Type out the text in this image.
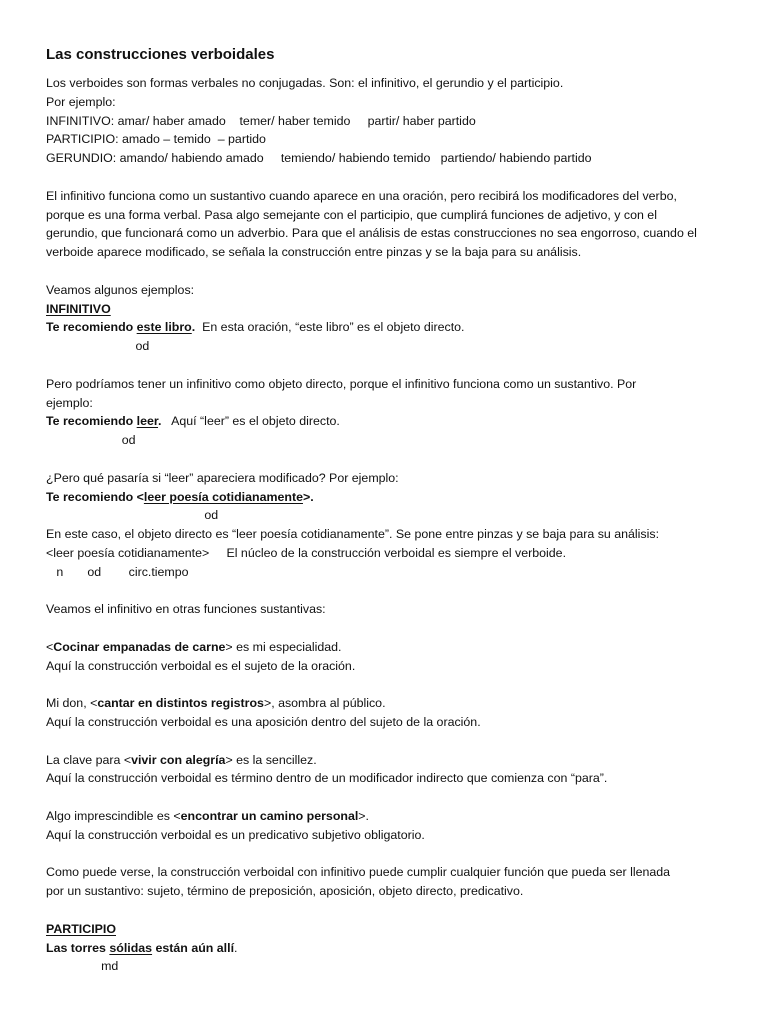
Las construcciones verboidales
Los verboides son formas verbales no conjugadas. Son: el infinitivo, el gerundio y el participio.
Por ejemplo:
INFINITIVO: amar/ haber amado    temer/ haber temido     partir/ haber partido
PARTICIPIO: amado – temido  – partido
GERUNDIO: amando/ habiendo amado     temiendo/ habiendo temido   partiendo/ habiendo partido
El infinitivo funciona como un sustantivo cuando aparece en una oración, pero recibirá los modificadores del verbo,
porque es una forma verbal. Pasa algo semejante con el participio, que cumplirá funciones de adjetivo, y con el
gerundio, que funcionará como un adverbio. Para que el análisis de estas construcciones no sea engorroso, cuando el
verboide aparece modificado, se señala la construcción entre pinzas y se la baja para su análisis.
Veamos algunos ejemplos:
INFINITIVO
Te recomiendo este libro.  En esta oración, “este libro” es el objeto directo.
od
Pero podríamos tener un infinitivo como objeto directo, porque el infinitivo funciona como un sustantivo. Por
ejemplo:
Te recomiendo leer.   Aquí “leer” es el objeto directo.
od
¿Pero qué pasaría si “leer” apareciera modificado? Por ejemplo:
Te recomiendo <leer poesía cotidianamente>.
od
En este caso, el objeto directo es “leer poesía cotidianamente”. Se pone entre pinzas y se baja para su análisis:
<leer poesía cotidianamente>     El núcleo de la construcción verboidal es siempre el verboide.
n       od        circ.tiempo
Veamos el infinitivo en otras funciones sustantivas:
<Cocinar empanadas de carne> es mi especialidad.
Aquí la construcción verboidal es el sujeto de la oración.
Mi don, <cantar en distintos registros>, asombra al público.
Aquí la construcción verboidal es una aposición dentro del sujeto de la oración.
La clave para <vivir con alegría> es la sencillez.
Aquí la construcción verboidal es término dentro de un modificador indirecto que comienza con “para”.
Algo imprescindible es <encontrar un camino personal>.
Aquí la construcción verboidal es un predicativo subjetivo obligatorio.
Como puede verse, la construcción verboidal con infinitivo puede cumplir cualquier función que pueda ser llenada
por un sustantivo: sujeto, término de preposición, aposición, objeto directo, predicativo.
PARTICIPIO
Las torres sólidas están aún allí.
md
